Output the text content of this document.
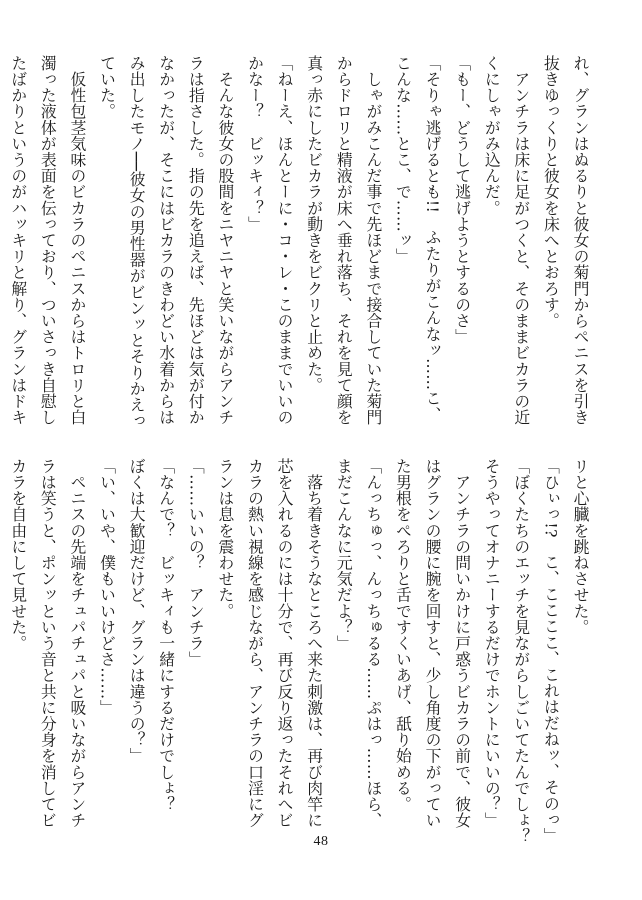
れ、グランはぬるりと彼女の菊門からペニスを引き

抜きゆっくりと彼女を床へとおろす。

　アンチラは床に足がつくと、そのままビカラの近

くにしゃがみ込んだ。

「もー、どうして逃げようとするのさ」

「そりゃ逃げるとも!!　ふたりがこんなッ……こ、

こんな……とこ、で……ッ」

　しゃがみこんだ事で先ほどまで接合していた菊門

からドロリと精液が床へ垂れ落ち、それを見て顔を

真っ赤にしたビカラが動きをビクリと止めた。

「ねーえ、ほんとーに・コ・レ・このままでいいの

かなー？　ビッキィ？」

　そんな彼女の股間をニヤニヤと笑いながらアンチ

ラは指さした。指の先を追えば、先ほどは気が付か

なかったが、そこにはビカラのきわどい水着からは

み出したモノ──彼女の男性器がビンッとそりかえっ

ていた。

　仮性包茎気味のビカラのペニスからはトロリと白

濁った液体が表面を伝っており、ついさっき自慰し

たばかりというのがハッキリと解り、グランはドキ

リと心臓を跳ねさせた。

「ひぃっ!?　こ、ここここ、これはだねッ、そのっ」

「ぼくたちのエッチを見ながらしごいてたんでしょ？

そうやってオナニーするだけでホントにいいの？」

　アンチラの問いかけに戸惑うビカラの前で、彼女

はグランの腰に腕を回すと、少し角度の下がってい

た男根をぺろりと舌ですくいあげ、舐り始める。

「んっちゅっ、んっちゅるる……ぷはっ……ほら、

まだこんなに元気だよ？」

　落ち着きそうなところへ来た刺激は、再び肉竿に

芯を入れるのには十分で、再び反り返ったそれへビ

カラの熱い視線を感じながら、アンチラの口淫にグ

ランは息を震わせた。

「……いいの？　アンチラ」

「なんで？　ビッキィも一緒にするだけでしょ？

ぼくは大歓迎だけど、グランは違うの？」

「い、いや、僕もいいけどさ……」

　ペニスの先端をチュパチュパと吸いながらアンチ

ラは笑うと、ポンッという音と共に分身を消してビ

カラを自由にして見せた。

48
